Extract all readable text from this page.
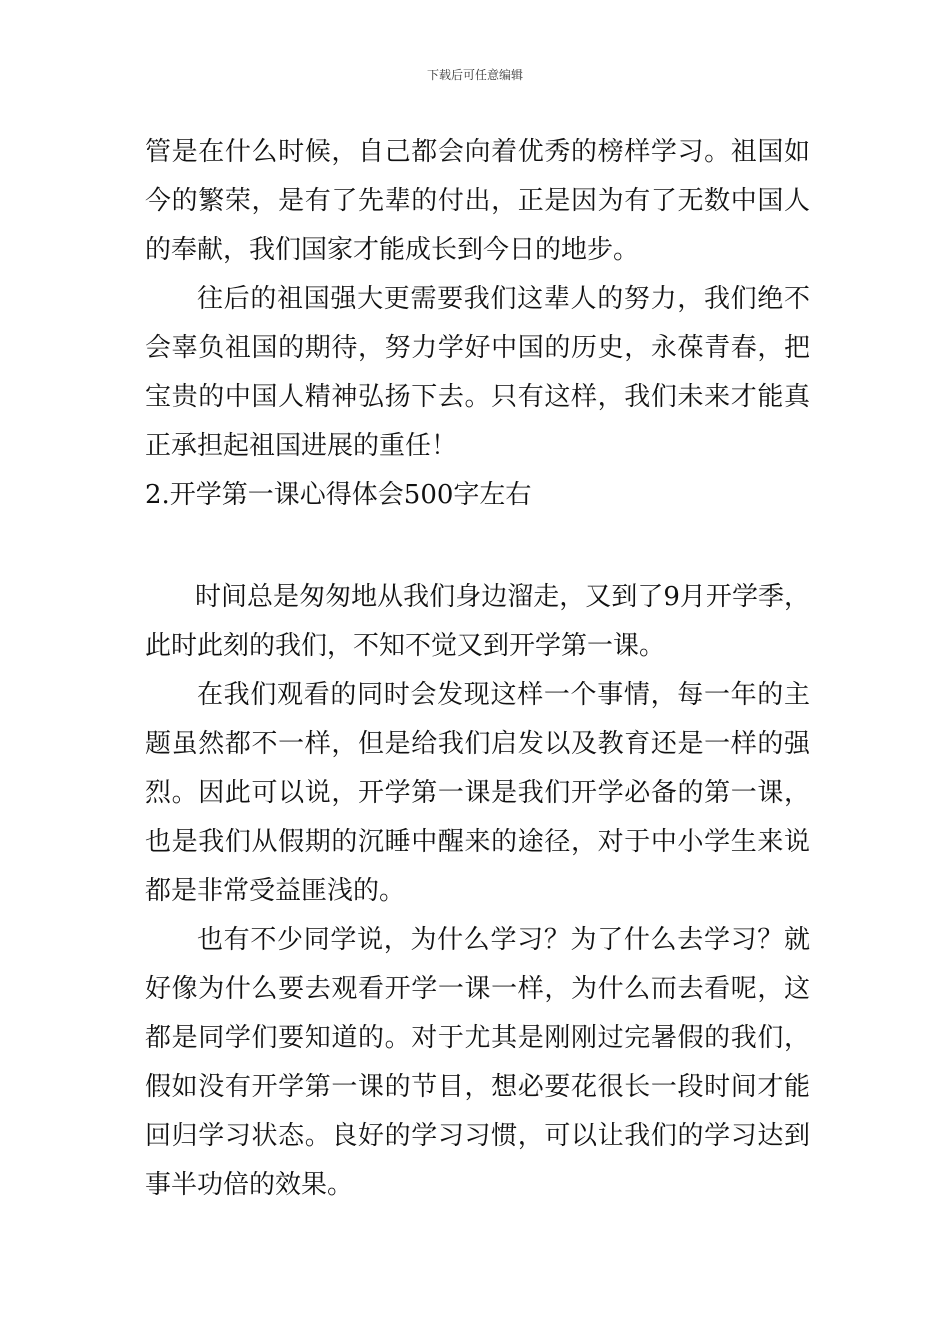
下载后可任意编辑

管是在什么时候，自己都会向着优秀的榜样学习。祖国如今的繁荣，是有了先辈的付出，正是因为有了无数中国人的奉献，我们国家才能成长到今日的地步。

往后的祖国强大更需要我们这辈人的努力，我们绝不会辜负祖国的期待，努力学好中国的历史，永葆青春，把宝贵的中国人精神弘扬下去。只有这样，我们未来才能真正承担起祖国进展的重任！

2.开学第一课心得体会500字左右

时间总是匆匆地从我们身边溜走，又到了9月开学季，此时此刻的我们，不知不觉又到开学第一课。

在我们观看的同时会发现这样一个事情，每一年的主题虽然都不一样，但是给我们启发以及教育还是一样的强烈。因此可以说，开学第一课是我们开学必备的第一课，也是我们从假期的沉睡中醒来的途径，对于中小学生来说都是非常受益匪浅的。

也有不少同学说，为什么学习？为了什么去学习？就好像为什么要去观看开学一课一样，为什么而去看呢，这都是同学们要知道的。对于尤其是刚刚过完暑假的我们，假如没有开学第一课的节目，想必要花很长一段时间才能回归学习状态。良好的学习习惯，可以让我们的学习达到事半功倍的效果。
